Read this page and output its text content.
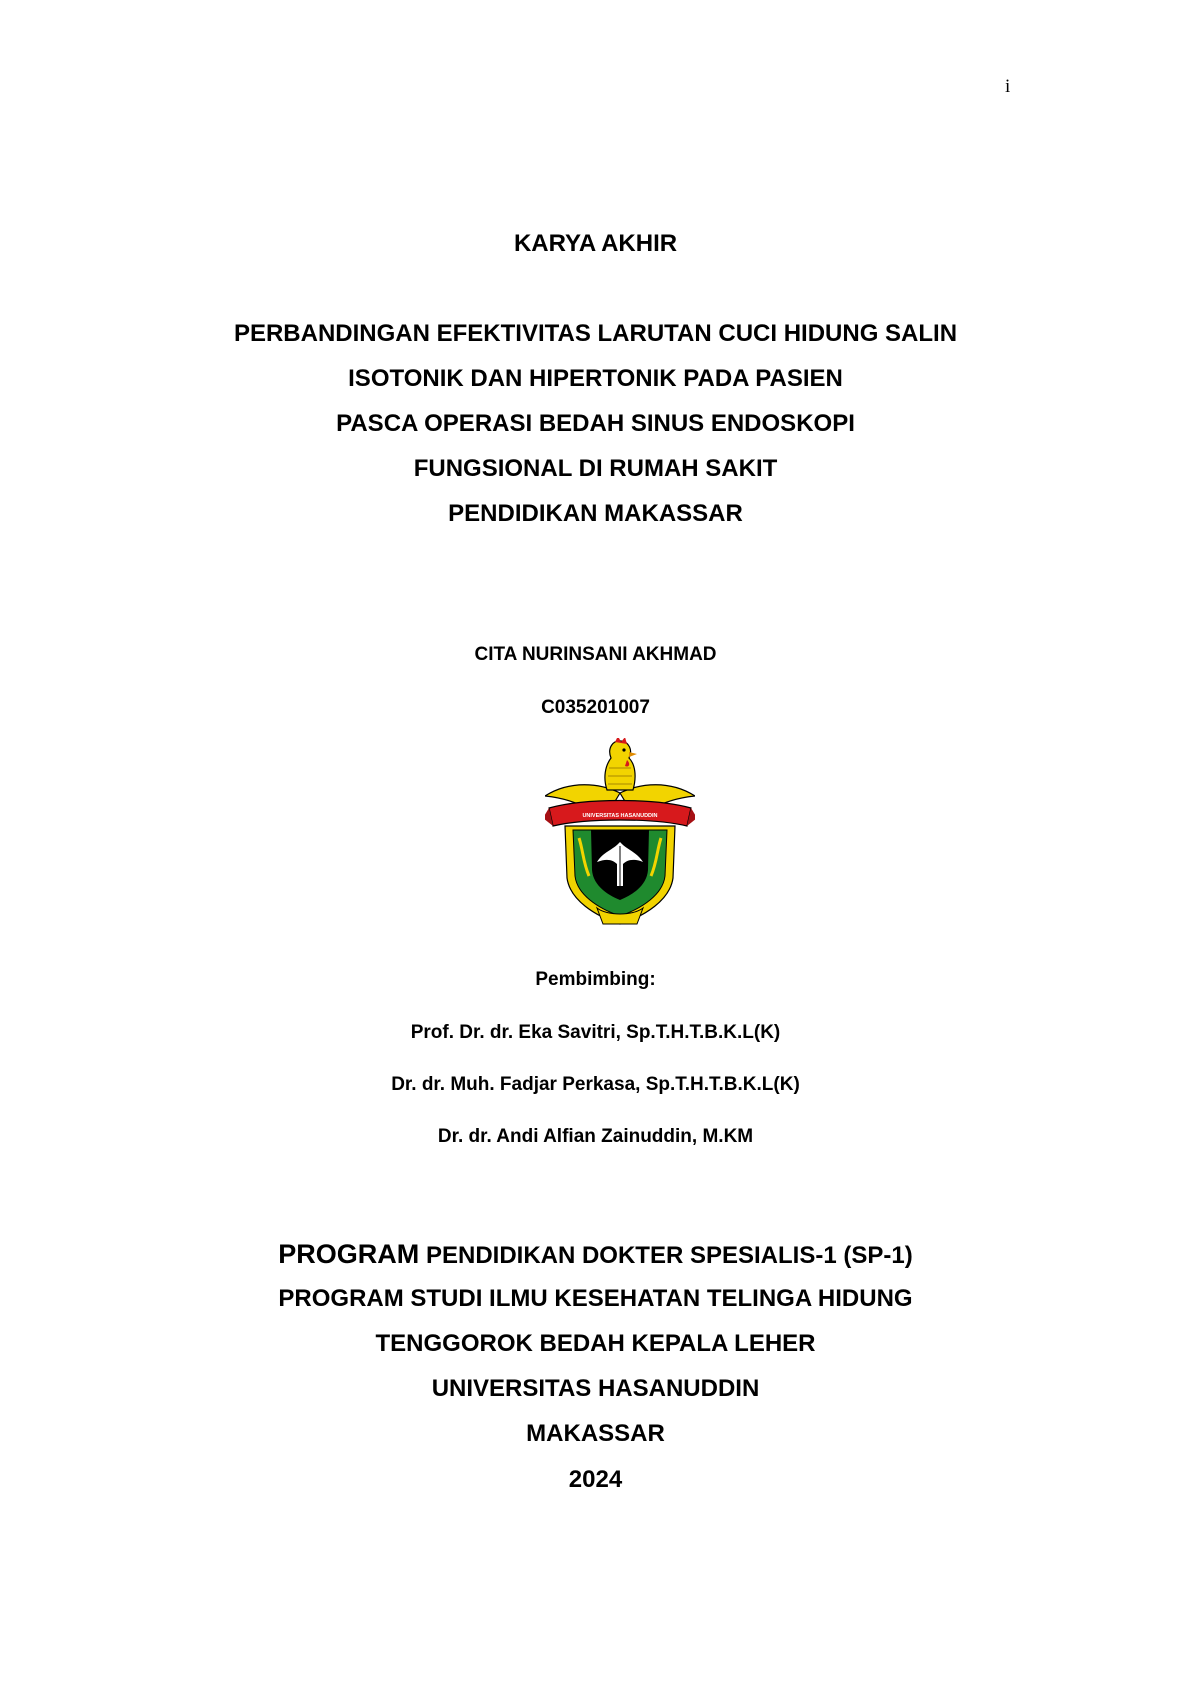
i
KARYA AKHIR
PERBANDINGAN EFEKTIVITAS LARUTAN CUCI HIDUNG SALIN
ISOTONIK DAN HIPERTONIK PADA PASIEN
PASCA OPERASI BEDAH SINUS ENDOSKOPI
FUNGSIONAL DI RUMAH SAKIT
PENDIDIKAN MAKASSAR
CITA NURINSANI AKHMAD
C035201007
UNIVERSITAS HASANUDDIN
Pembimbing:
Prof. Dr. dr. Eka Savitri, Sp.T.H.T.B.K.L(K)
Dr. dr. Muh. Fadjar Perkasa, Sp.T.H.T.B.K.L(K)
Dr. dr. Andi Alfian Zainuddin, M.KM
PROGRAM PENDIDIKAN DOKTER SPESIALIS-1 (SP-1)
PROGRAM STUDI ILMU KESEHATAN TELINGA HIDUNG
TENGGOROK BEDAH KEPALA LEHER
UNIVERSITAS HASANUDDIN
MAKASSAR
2024
